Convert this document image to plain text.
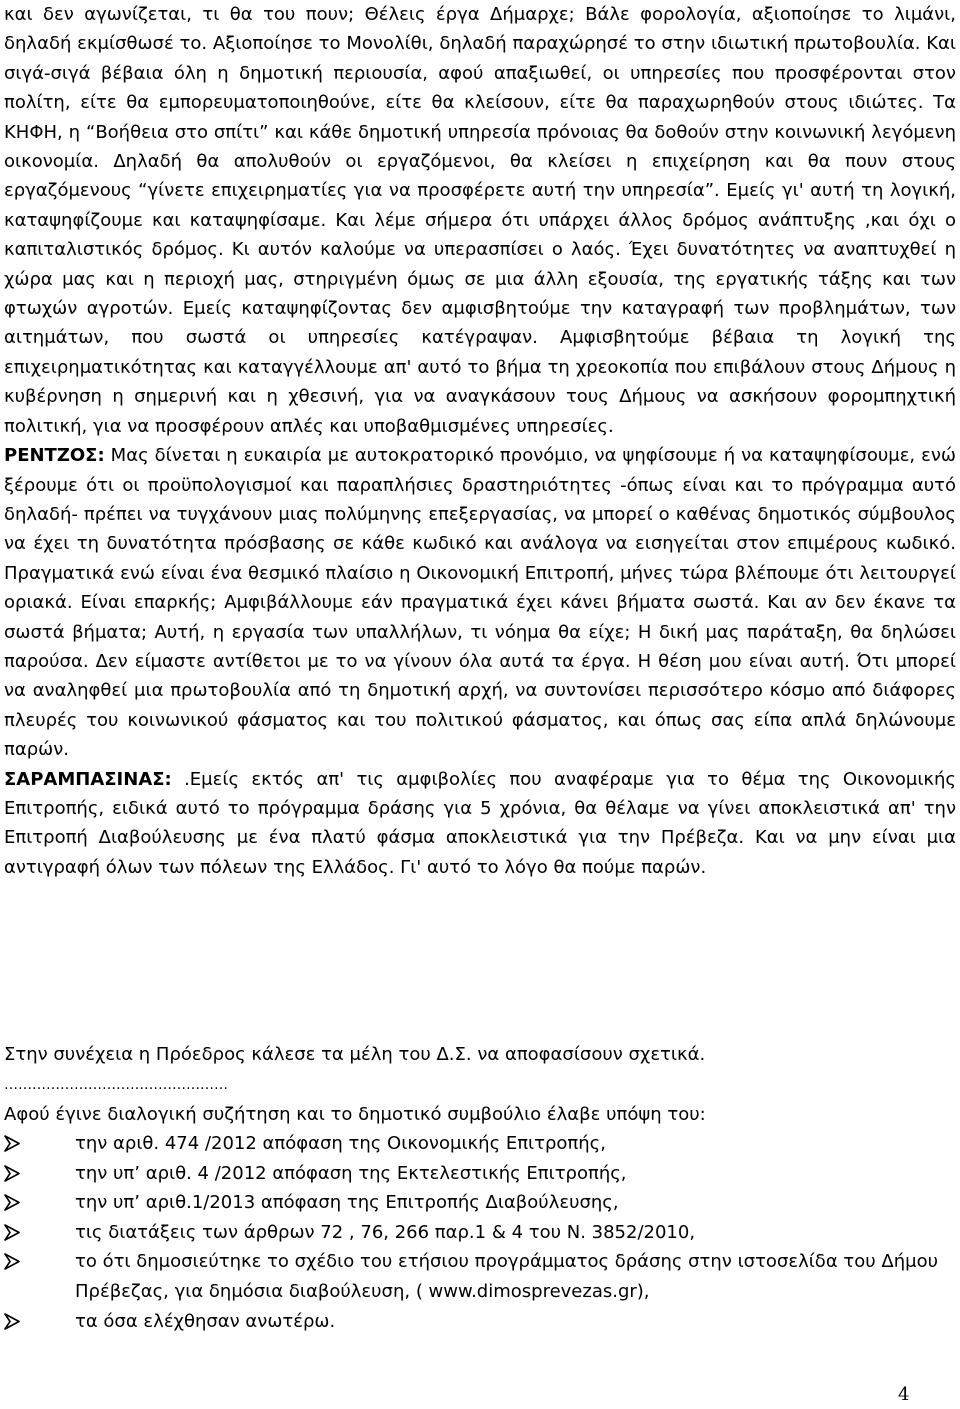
και δεν αγωνίζεται, τι θα του πουν; Θέλεις έργα Δήμαρχε; Βάλε φορολογία, αξιοποίησε το λιμάνι, δηλαδή εκμίσθωσέ το. Αξιοποίησε το Μονολίθι, δηλαδή παραχώρησέ το στην ιδιωτική πρωτοβουλία. Και σιγά-σιγά βέβαια όλη η δημοτική περιουσία, αφού απαξιωθεί, οι υπηρεσίες που προσφέρονται στον πολίτη, είτε θα εμπορευματοποιηθούνε, είτε θα κλείσουν, είτε θα παραχωρηθούν στους ιδιώτες. Τα ΚΗΦΗ, η “Βοήθεια στο σπίτι” και κάθε δημοτική υπηρεσία πρόνοιας θα δοθούν στην κοινωνική λεγόμενη οικονομία. Δηλαδή θα απολυθούν οι εργαζόμενοι, θα κλείσει η επιχείρηση και θα πουν στους εργαζόμενους “γίνετε επιχειρηματίες για να προσφέρετε αυτή την υπηρεσία”. Εμείς γι' αυτή τη λογική, καταψηφίζουμε και καταψηφίσαμε. Και λέμε σήμερα ότι υπάρχει άλλος δρόμος ανάπτυξης ,και όχι ο καπιταλιστικός δρόμος. Κι αυτόν καλούμε να υπερασπίσει ο λαός. Έχει δυνατότητες να αναπτυχθεί η χώρα μας και η περιοχή μας, στηριγμένη όμως σε μια άλλη εξουσία, της εργατικής τάξης και των φτωχών αγροτών. Εμείς καταψηφίζοντας δεν αμφισβητούμε την καταγραφή των προβλημάτων, των αιτημάτων, που σωστά οι υπηρεσίες κατέγραψαν. Αμφισβητούμε βέβαια τη λογική της επιχειρηματικότητας και καταγγέλλουμε απ' αυτό το βήμα τη χρεοκοπία που επιβάλουν στους Δήμους η κυβέρνηση η σημερινή και η χθεσινή, για να αναγκάσουν τους Δήμους να ασκήσουν φορομπηχτική πολιτική, για να προσφέρουν απλές και υποβαθμισμένες υπηρεσίες.

ΡΕΝΤΖΟΣ: Μας δίνεται η ευκαιρία με αυτοκρατορικό προνόμιο, να ψηφίσουμε ή να καταψηφίσουμε, ενώ ξέρουμε ότι οι προϋπολογισμοί και παραπλήσιες δραστηριότητες -όπως είναι και το πρόγραμμα αυτό δηλαδή- πρέπει να τυγχάνουν μιας πολύμηνης επεξεργασίας, να μπορεί ο καθένας δημοτικός σύμβουλος να έχει τη δυνατότητα πρόσβασης σε κάθε κωδικό και ανάλογα να εισηγείται στον επιμέρους κωδικό. Πραγματικά ενώ είναι ένα θεσμικό πλαίσιο η Οικονομική Επιτροπή, μήνες τώρα βλέπουμε ότι λειτουργεί οριακά. Είναι επαρκής; Αμφιβάλλουμε εάν πραγματικά έχει κάνει βήματα σωστά. Και αν δεν έκανε τα σωστά βήματα; Αυτή, η εργασία των υπαλλήλων, τι νόημα θα είχε; Η δική μας παράταξη, θα δηλώσει παρούσα. Δεν είμαστε αντίθετοι με το να γίνουν όλα αυτά τα έργα. Η θέση μου είναι αυτή. Ότι μπορεί να αναληφθεί μια πρωτοβουλία από τη δημοτική αρχή, να συντονίσει περισσότερο κόσμο από διάφορες πλευρές του κοινωνικού φάσματος και του πολιτικού φάσματος, και όπως σας είπα απλά δηλώνουμε παρών.

ΣΑΡΑΜΠΑΣΙΝΑΣ: .Εμείς εκτός απ' τις αμφιβολίες που αναφέραμε για το θέμα της Οικονομικής Επιτροπής, ειδικά αυτό το πρόγραμμα δράσης για 5 χρόνια, θα θέλαμε να γίνει αποκλειστικά απ' την Επιτροπή Διαβούλευσης με ένα πλατύ φάσμα αποκλειστικά για την Πρέβεζα. Και να μην είναι μια αντιγραφή όλων των πόλεων της Ελλάδος. Γι' αυτό το λόγο θα πούμε παρών.

Στην συνέχεια η Πρόεδρος κάλεσε τα μέλη του Δ.Σ. να αποφασίσουν σχετικά.

…………………………………………

Αφού έγινε διαλογική συζήτηση και το δημοτικό συμβούλιο έλαβε υπόψη του:

την αριθ. 474 /2012 απόφαση της Οικονομικής Επιτροπής,
την υπ’ αριθ. 4 /2012 απόφαση της Εκτελεστικής Επιτροπής,
την υπ’ αριθ.1/2013 απόφαση της Επιτροπής Διαβούλευσης,
τις διατάξεις των άρθρων 72 , 76, 266 παρ.1 & 4 του Ν. 3852/2010,
το ότι δημοσιεύτηκε το σχέδιο του ετήσιου προγράμματος δράσης στην ιστοσελίδα του Δήμου Πρέβεζας, για δημόσια διαβούλευση, ( www.dimosprevezas.gr),
τα όσα ελέχθησαν ανωτέρω.
4
